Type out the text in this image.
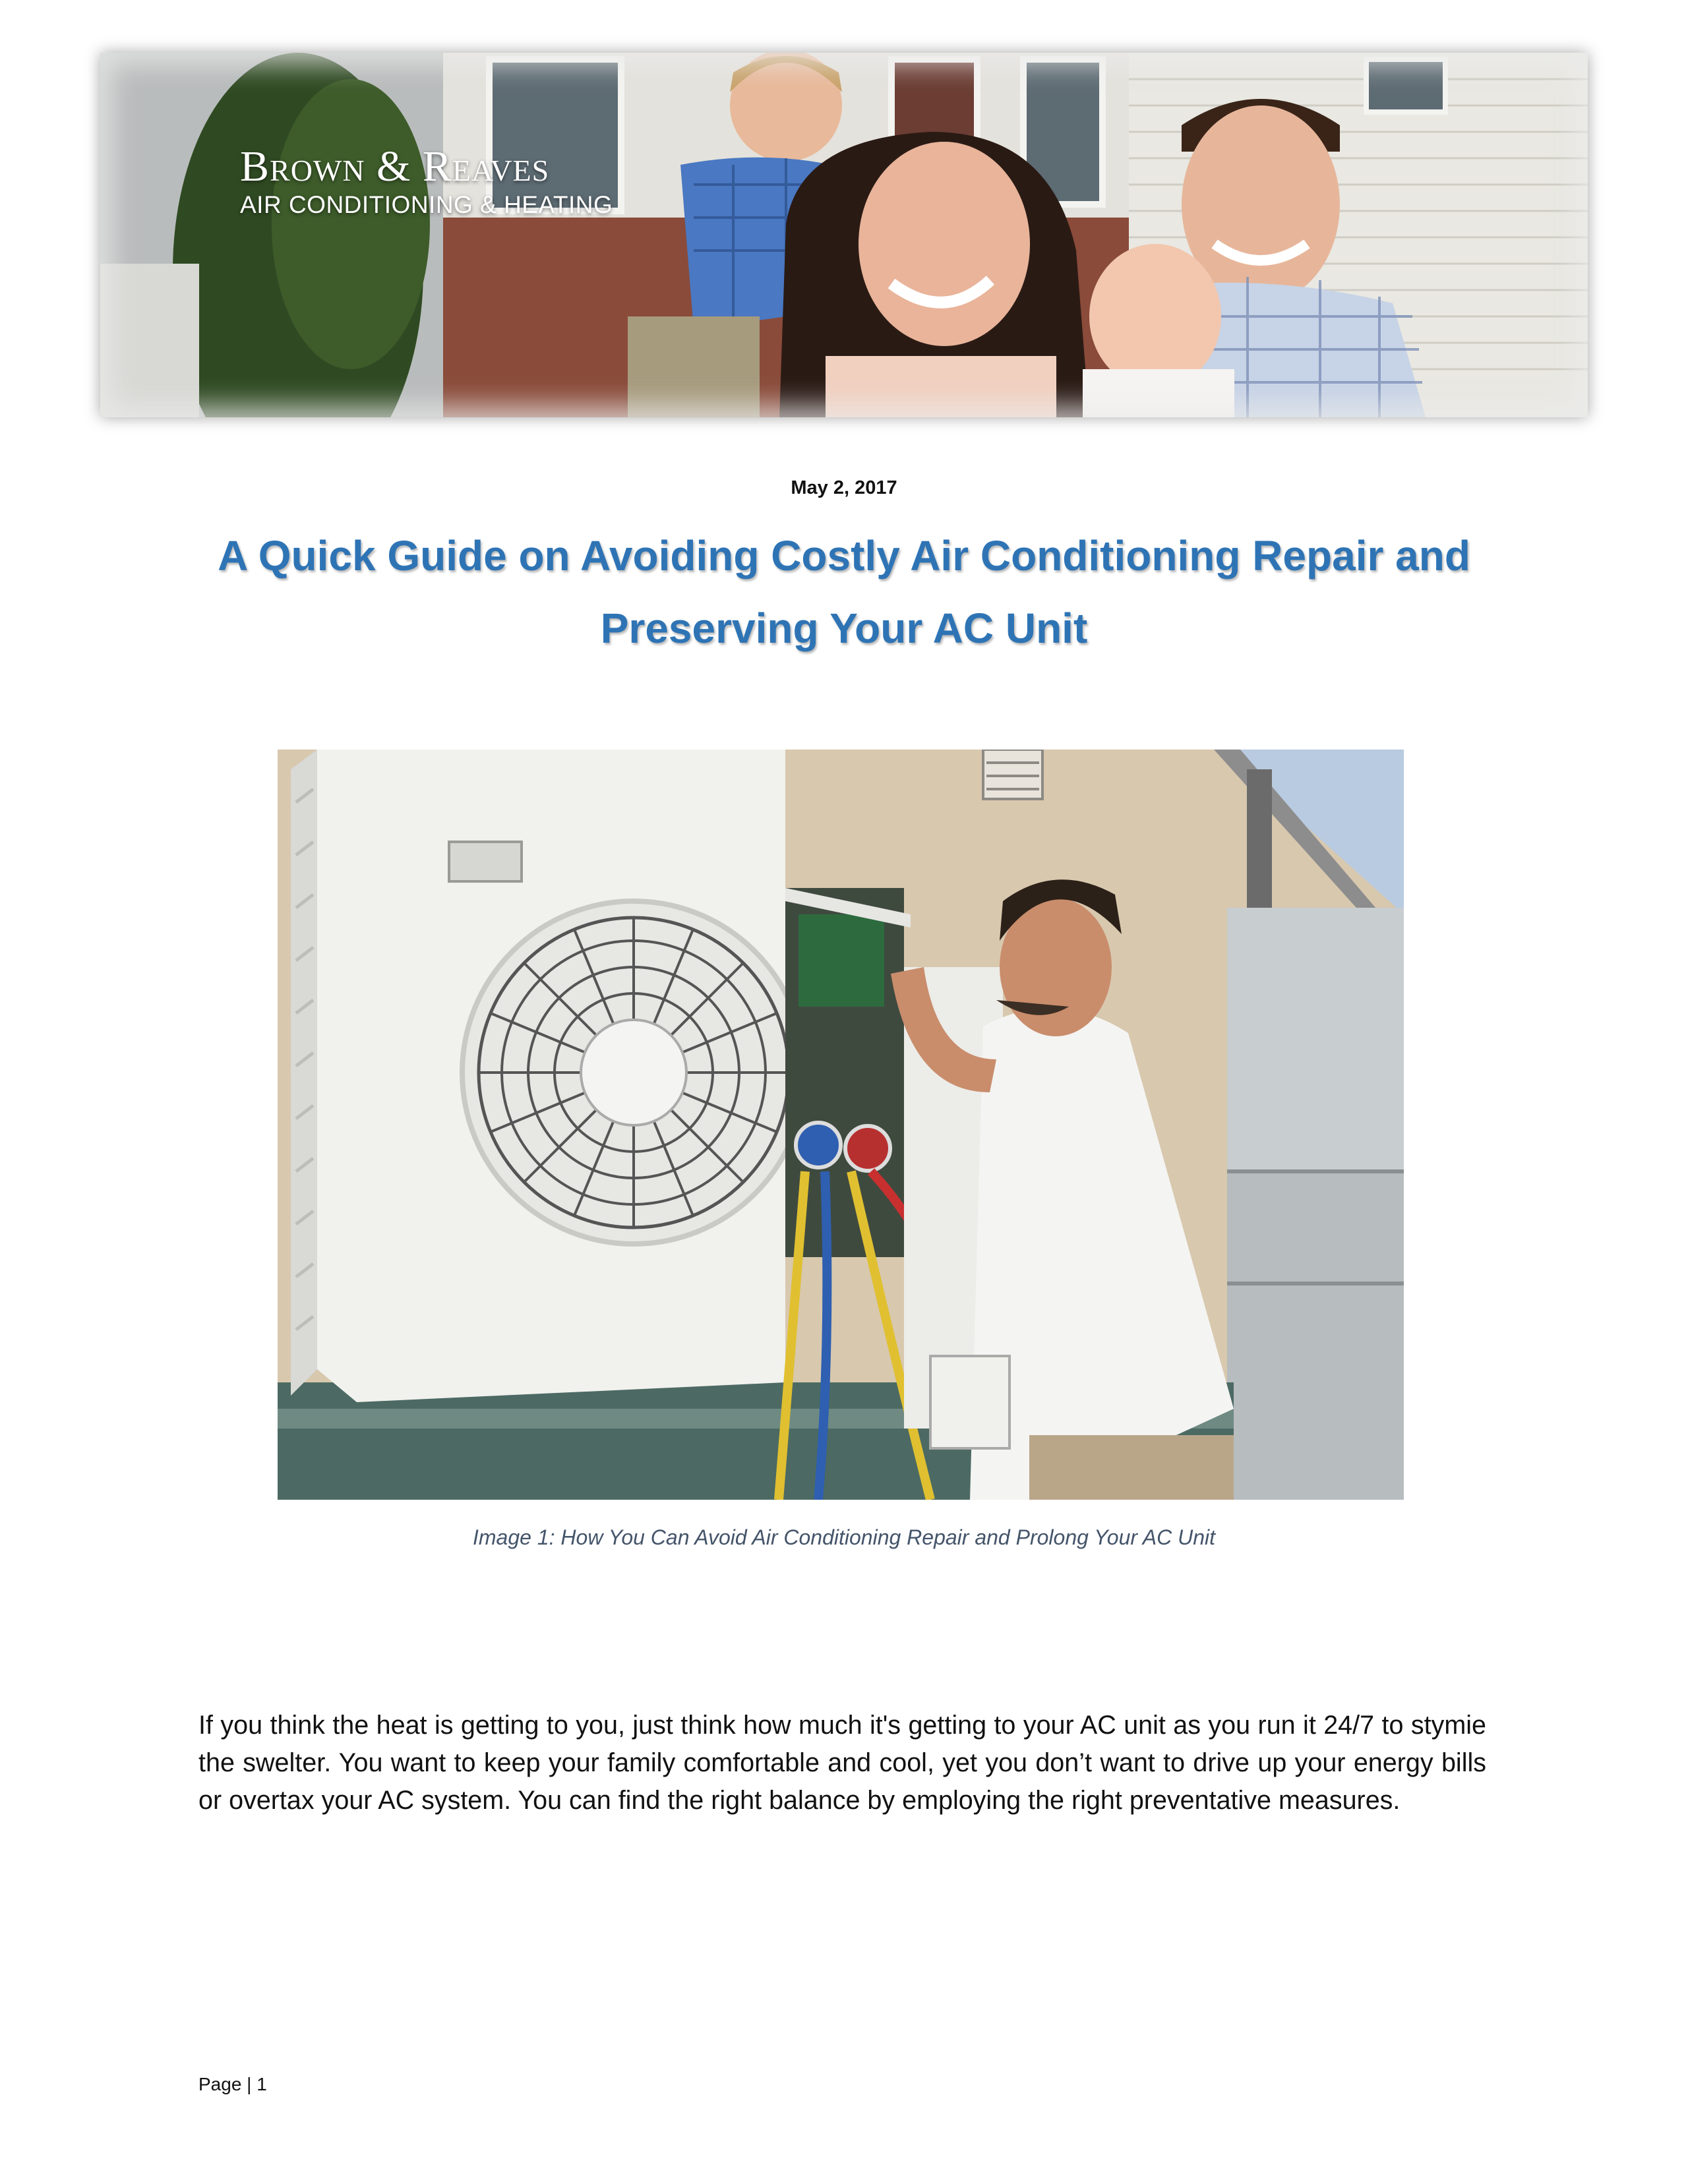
Brown & Reaves
AIR CONDITIONING & HEATING
May 2, 2017
A Quick Guide on Avoiding Costly Air Conditioning Repair and Preserving Your AC Unit
Image 1: How You Can Avoid Air Conditioning Repair and Prolong Your AC Unit

If you think the heat is getting to you, just think how much it's getting to your AC unit as you run it 24/7 to stymie the swelter. You want to keep your family comfortable and cool, yet you don’t want to drive up your energy bills or overtax your AC system. You can find the right balance by employing the right preventative measures.

Page | 1
